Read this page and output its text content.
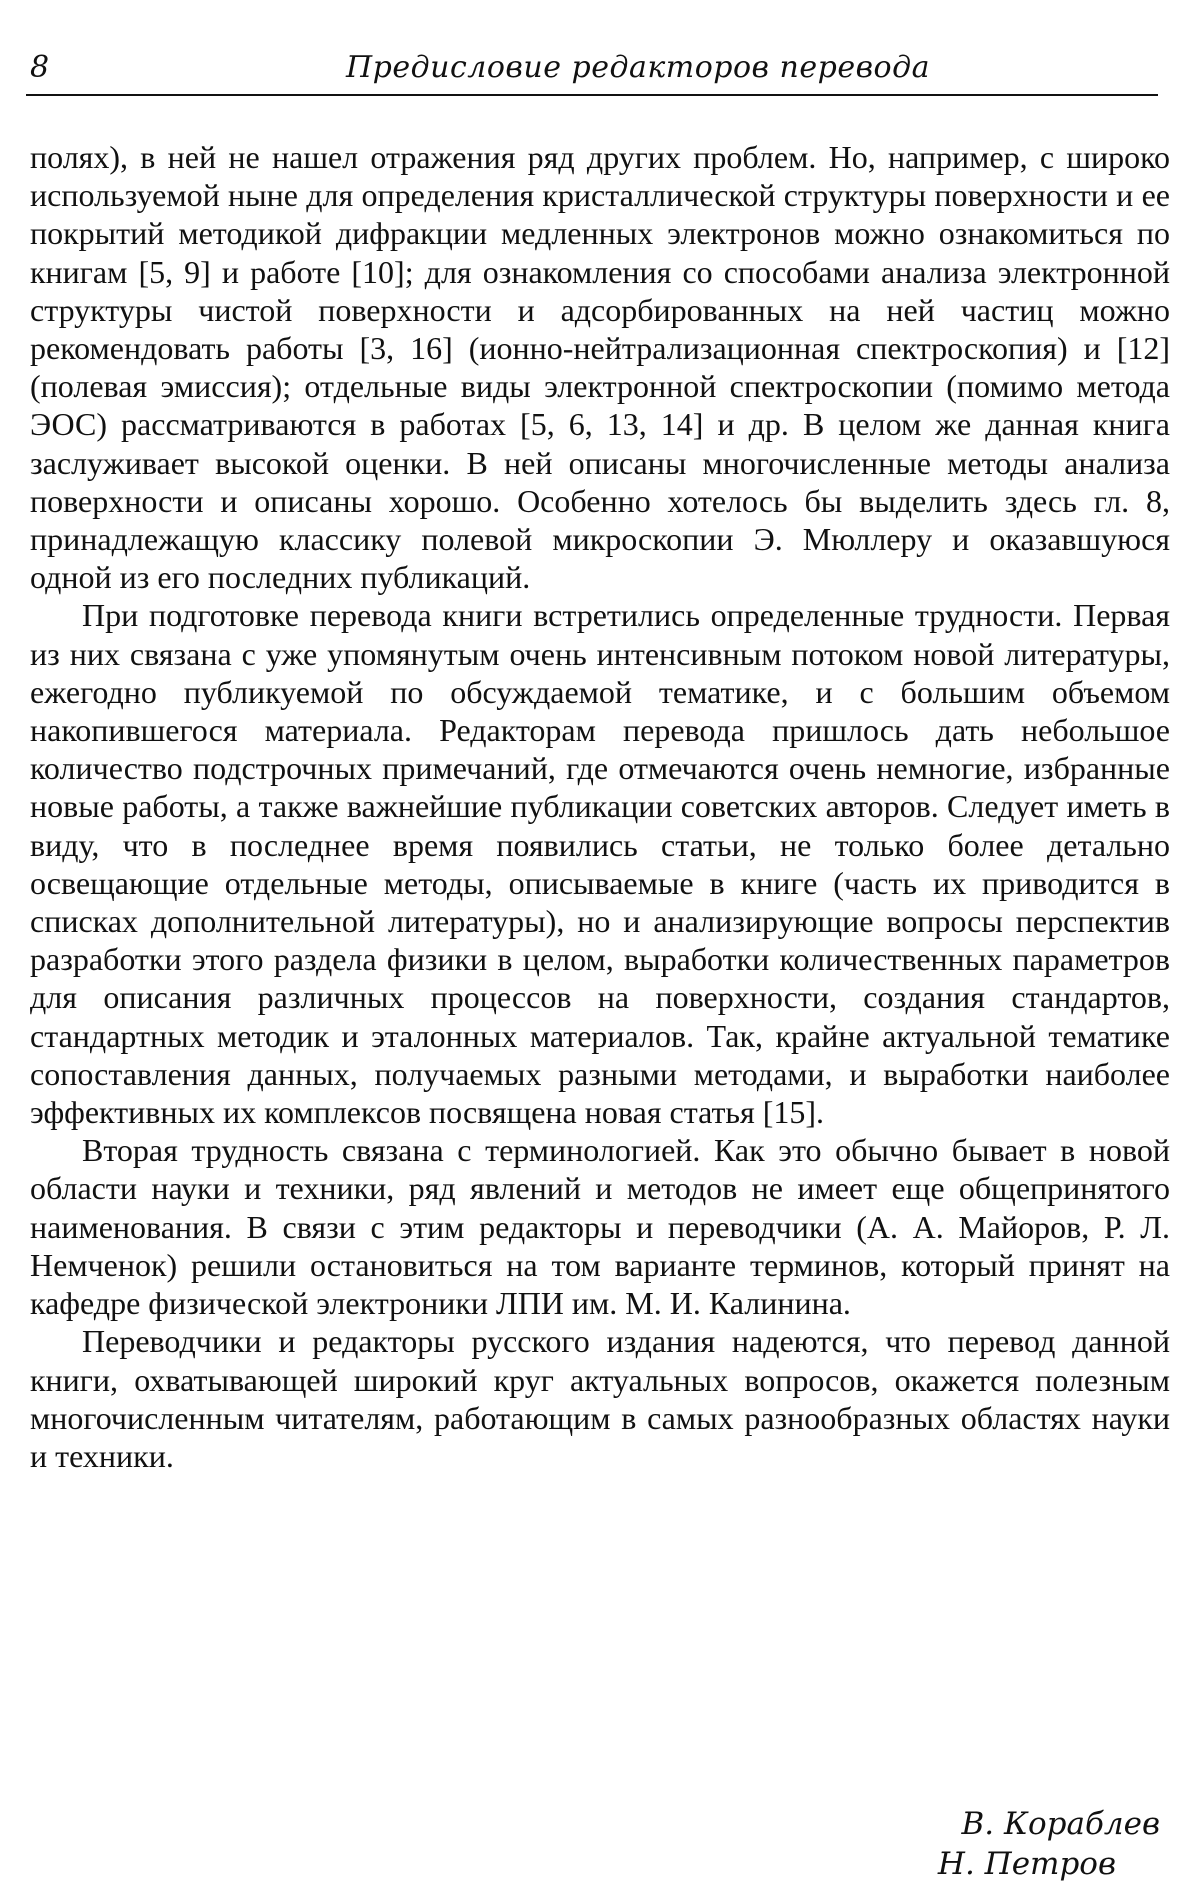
8	Предисловие редакторов перевода

полях), в ней не нашел отражения ряд других проблем. Но, например, с широко используемой ныне для определения кристаллической структуры поверхности и ее покрытий методикой дифракции медленных электронов можно ознакомиться по книгам [5, 9] и работе [10]; для ознакомления со способами анализа электронной структуры чистой поверхности и адсорбированных на ней частиц можно рекомендовать работы [3, 16] (ионно-нейтрализационная спектроскопия) и [12] (полевая эмиссия); отдельные виды электронной спектроскопии (помимо метода ЭОС) рассматриваются в работах [5, 6, 13, 14] и др. В целом же данная книга заслуживает высокой оценки. В ней описаны многочисленные методы анализа поверхности и описаны хорошо. Особенно хотелось бы выделить здесь гл. 8, принадлежащую классику полевой микроскопии Э. Мюллеру и оказавшуюся одной из его последних публикаций.

При подготовке перевода книги встретились определенные трудности. Первая из них связана с уже упомянутым очень интенсивным потоком новой литературы, ежегодно публикуемой по обсуждаемой тематике, и с большим объемом накопившегося материала. Редакторам перевода пришлось дать небольшое количество подстрочных примечаний, где отмечаются очень немногие, избранные новые работы, а также важнейшие публикации советских авторов. Следует иметь в виду, что в последнее время появились статьи, не только более детально освещающие отдельные методы, описываемые в книге (часть их приводится в списках дополнительной литературы), но и анализирующие вопросы перспектив разработки этого раздела физики в целом, выработки количественных параметров для описания различных процессов на поверхности, создания стандартов, стандартных методик и эталонных материалов. Так, крайне актуальной тематике сопоставления данных, получаемых разными методами, и выработки наиболее эффективных их комплексов посвящена новая статья [15].

Вторая трудность связана с терминологией. Как это обычно бывает в новой области науки и техники, ряд явлений и методов не имеет еще общепринятого наименования. В связи с этим редакторы и переводчики (А. А. Майоров, Р. Л. Немченок) решили остановиться на том варианте терминов, который принят на кафедре физической электроники ЛПИ им. М. И. Калинина.

Переводчики и редакторы русского издания надеются, что перевод данной книги, охватывающей широкий круг актуальных вопросов, окажется полезным многочисленным читателям, работающим в самых разнообразных областях науки и техники.

В. Кораблев
Н. Петров
